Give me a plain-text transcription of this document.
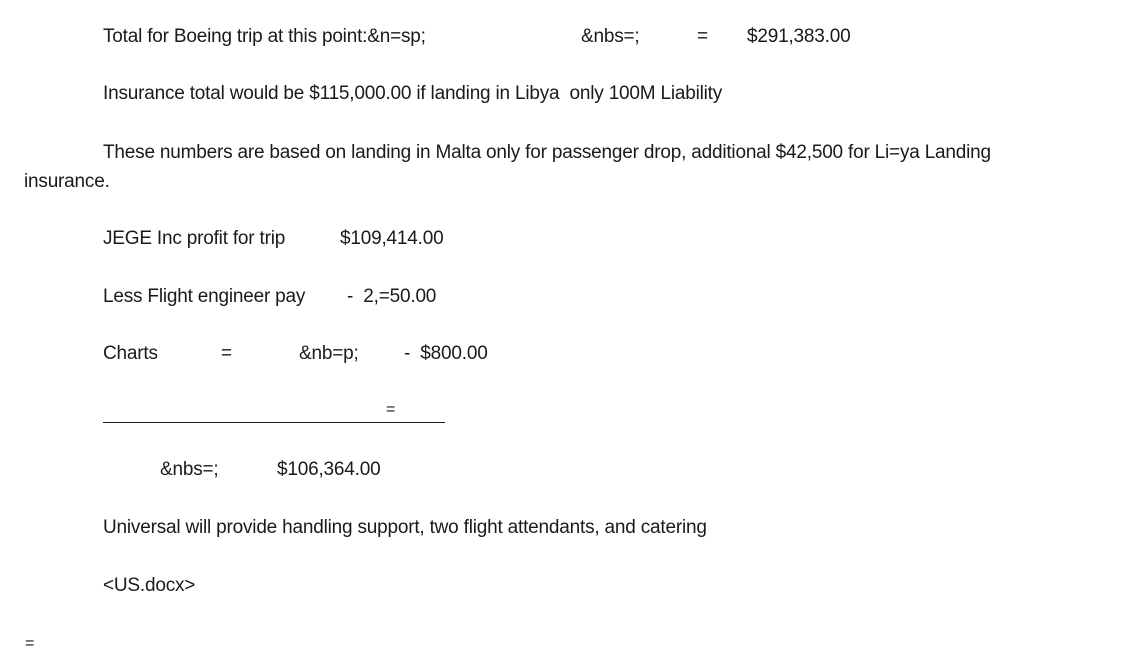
Total for Boeing trip at this point:&n=sp;	&nbs=;	= $291,383.00
Insurance total would be $115,000.00 if landing in Libya  only 100M Liability
These numbers are based on landing in Malta only for passenger drop, additional $42,500 for Li=ya Landing
insurance.
JEGE Inc profit for trip	$109,414.00
Less Flight engineer pay -  2,=50.00
Charts	=	&nb=p; -  $800.00
=
&nbs=;	$106,364.00
Universal will provide handling support, two flight attendants, and catering
<US.docx>
=
